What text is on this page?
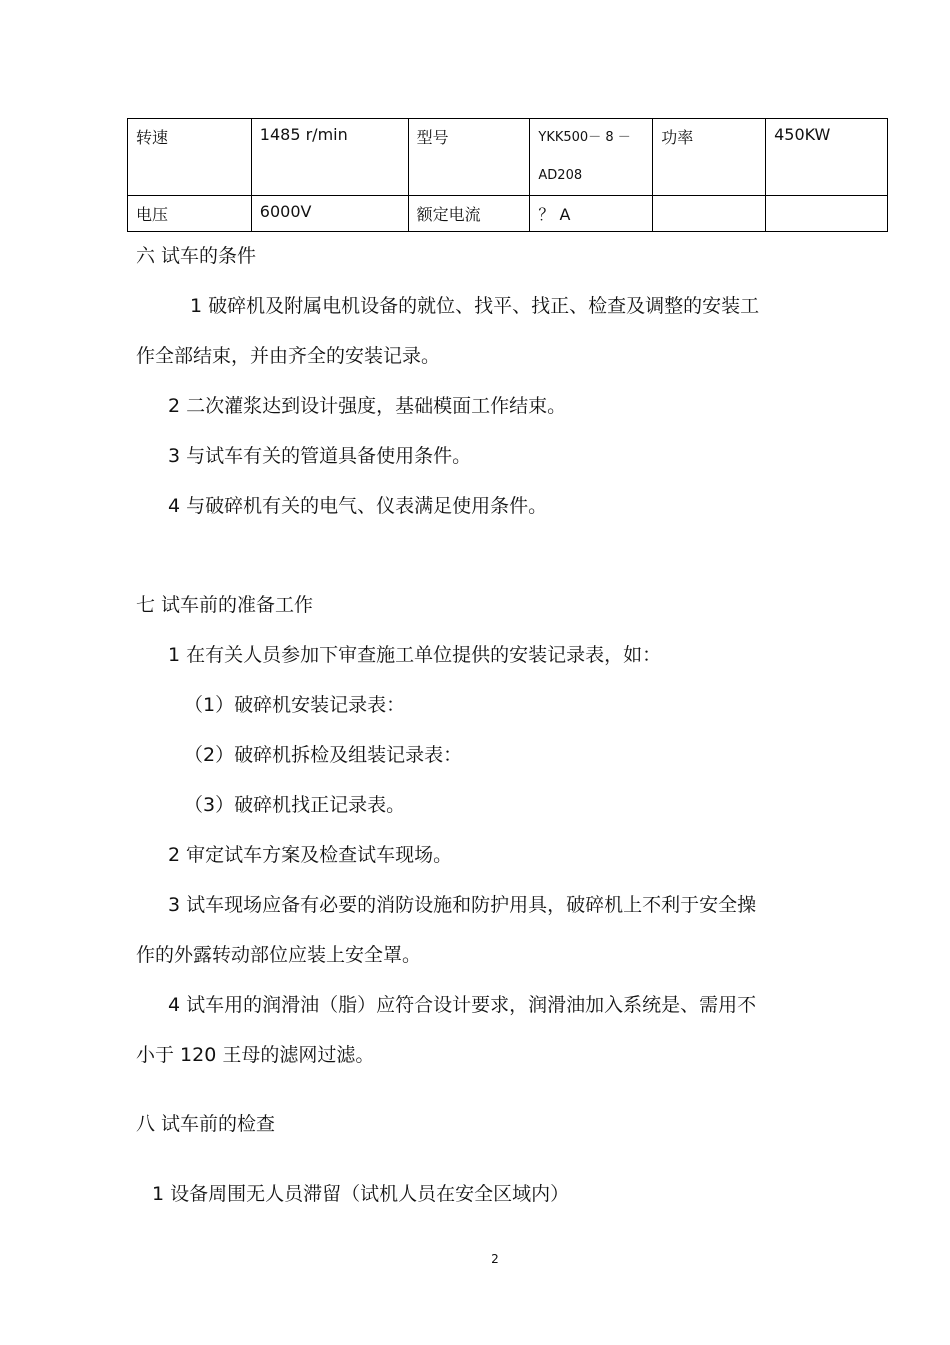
转速	1485 r/min	型号	YKK500－ 8 －AD208	功率	450KW
电压	6000V	额定电流	？ A		
六 试车的条件
1 破碎机及附属电机设备的就位、找平、找正、检查及调整的安装工
作全部结束，并由齐全的安装记录。
2 二次灌浆达到设计强度，基础模面工作结束。
3 与试车有关的管道具备使用条件。
4 与破碎机有关的电气、仪表满足使用条件。
七 试车前的准备工作
1 在有关人员参加下审查施工单位提供的安装记录表，如：
（1）破碎机安装记录表：
（2）破碎机拆检及组装记录表：
（3）破碎机找正记录表。
2 审定试车方案及检查试车现场。
3 试车现场应备有必要的消防设施和防护用具，破碎机上不利于安全操
作的外露转动部位应装上安全罩。
4 试车用的润滑油（脂）应符合设计要求，润滑油加入系统是、需用不
小于 120 王母的滤网过滤。
八 试车前的检查
1 设备周围无人员滞留（试机人员在安全区域内）
2
